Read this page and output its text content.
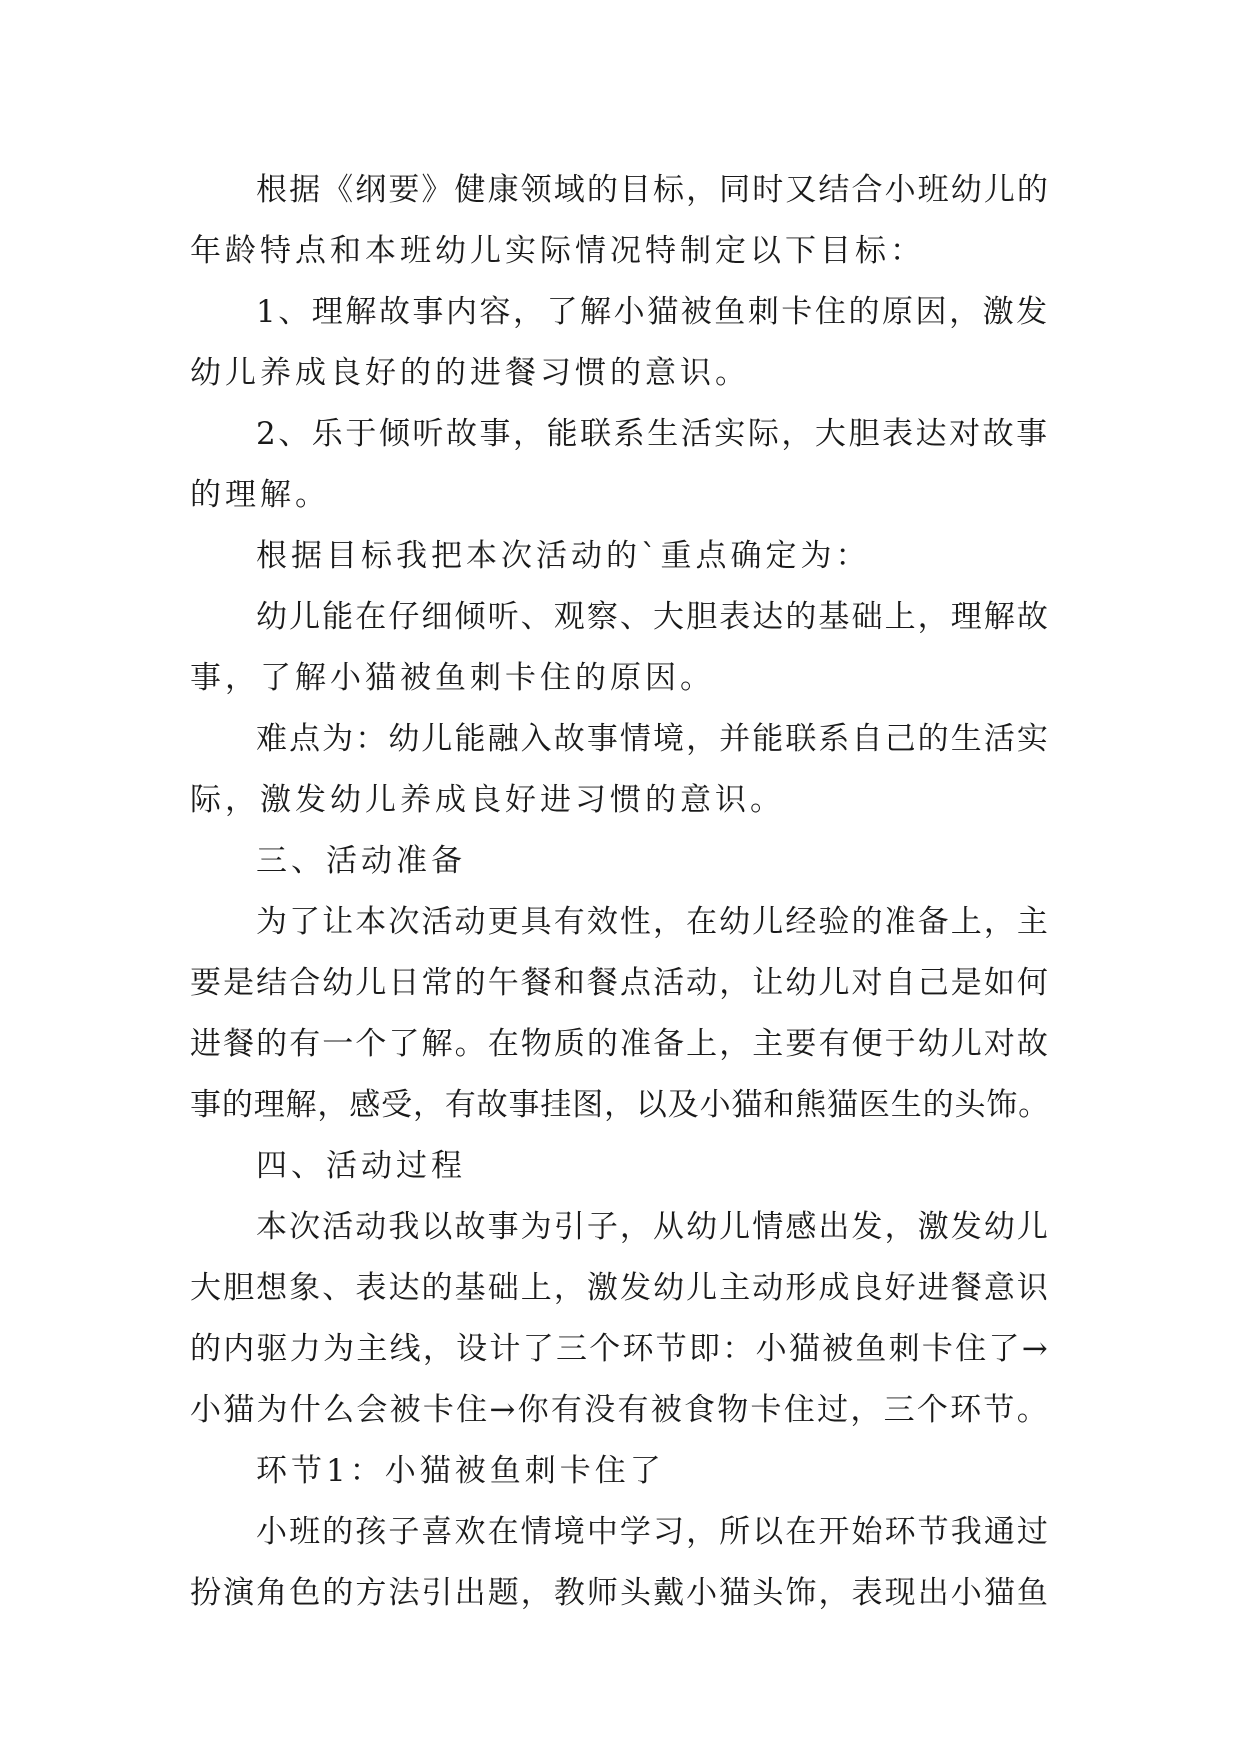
根据《纲要》健康领域的目标，同时又结合小班幼儿的
年龄特点和本班幼儿实际情况特制定以下目标：
1、理解故事内容，了解小猫被鱼刺卡住的原因，激发
幼儿养成良好的的进餐习惯的意识。
2、乐于倾听故事，能联系生活实际，大胆表达对故事
的理解。
根据目标我把本次活动的`重点确定为：
幼儿能在仔细倾听、观察、大胆表达的基础上，理解故
事，了解小猫被鱼刺卡住的原因。
难点为：幼儿能融入故事情境，并能联系自己的生活实
际，激发幼儿养成良好进习惯的意识。
三、活动准备
为了让本次活动更具有效性，在幼儿经验的准备上，主
要是结合幼儿日常的午餐和餐点活动，让幼儿对自己是如何
进餐的有一个了解。在物质的准备上，主要有便于幼儿对故
事的理解，感受，有故事挂图，以及小猫和熊猫医生的头饰。
四、活动过程
本次活动我以故事为引子，从幼儿情感出发，激发幼儿
大胆想象、表达的基础上，激发幼儿主动形成良好进餐意识
的内驱力为主线，设计了三个环节即：小猫被鱼刺卡住了→
小猫为什么会被卡住→你有没有被食物卡住过，三个环节。
环节1：小猫被鱼刺卡住了
小班的孩子喜欢在情境中学习，所以在开始环节我通过
扮演角色的方法引出题，教师头戴小猫头饰，表现出小猫鱼
